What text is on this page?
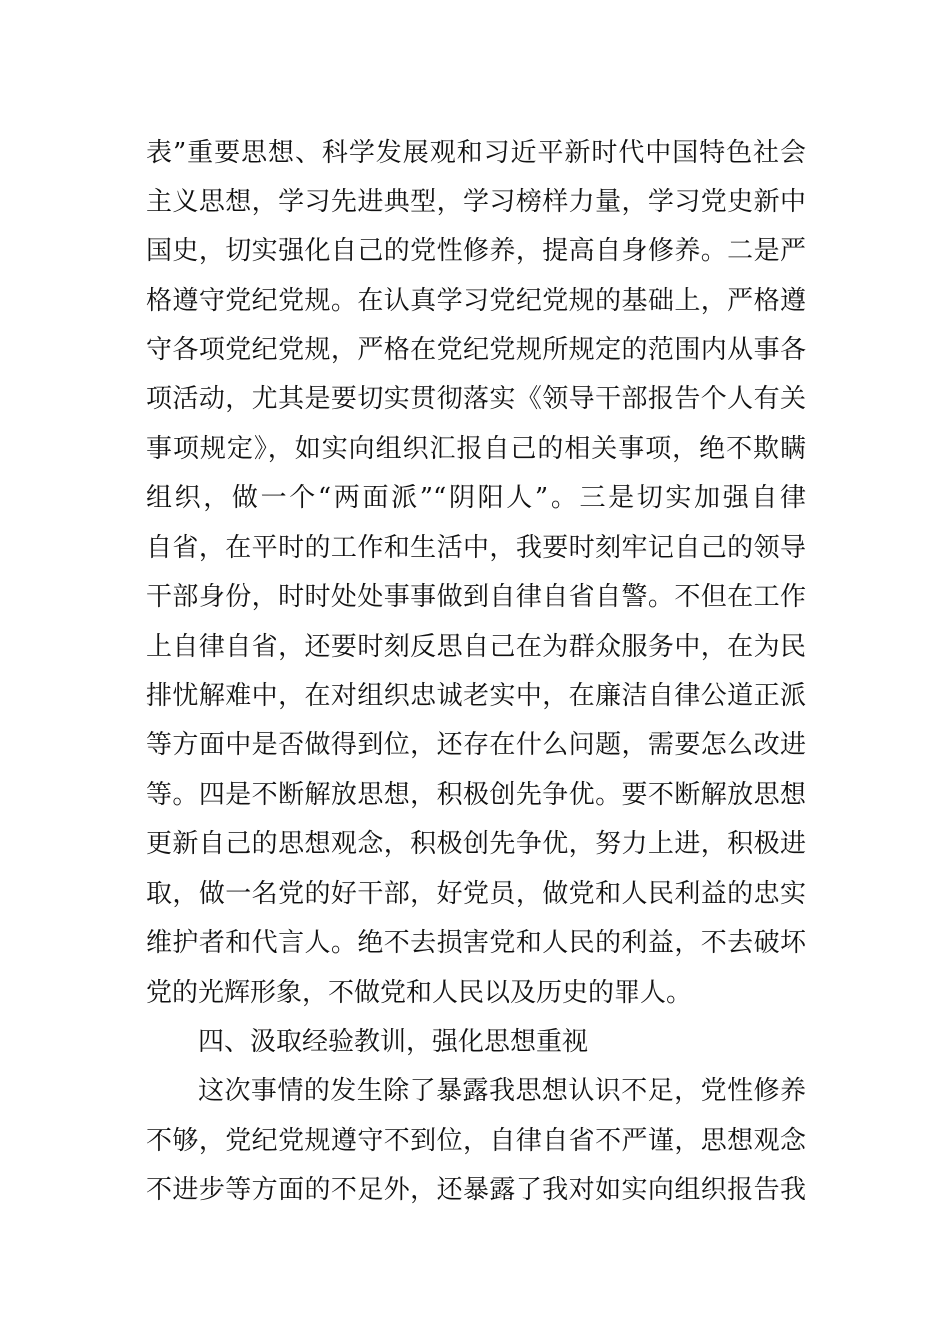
表”重要思想、科学发展观和习近平新时代中国特色社会
主义思想，学习先进典型，学习榜样力量，学习党史新中
国史，切实强化自己的党性修养，提高自身修养。二是严
格遵守党纪党规。在认真学习党纪党规的基础上，严格遵
守各项党纪党规，严格在党纪党规所规定的范围内从事各
项活动，尤其是要切实贯彻落实《领导干部报告个人有关
事项规定》，如实向组织汇报自己的相关事项，绝不欺瞒
组织，做一个“两面派”“阴阳人”。三是切实加强自律
自省，在平时的工作和生活中，我要时刻牢记自己的领导
干部身份，时时处处事事做到自律自省自警。不但在工作
上自律自省，还要时刻反思自己在为群众服务中，在为民
排忧解难中，在对组织忠诚老实中，在廉洁自律公道正派
等方面中是否做得到位，还存在什么问题，需要怎么改进
等。四是不断解放思想，积极创先争优。要不断解放思想
更新自己的思想观念，积极创先争优，努力上进，积极进
取，做一名党的好干部，好党员，做党和人民利益的忠实
维护者和代言人。绝不去损害党和人民的利益，不去破坏
党的光辉形象，不做党和人民以及历史的罪人。
四、汲取经验教训，强化思想重视
这次事情的发生除了暴露我思想认识不足，党性修养
不够，党纪党规遵守不到位，自律自省不严谨，思想观念
不进步等方面的不足外，还暴露了我对如实向组织报告我
